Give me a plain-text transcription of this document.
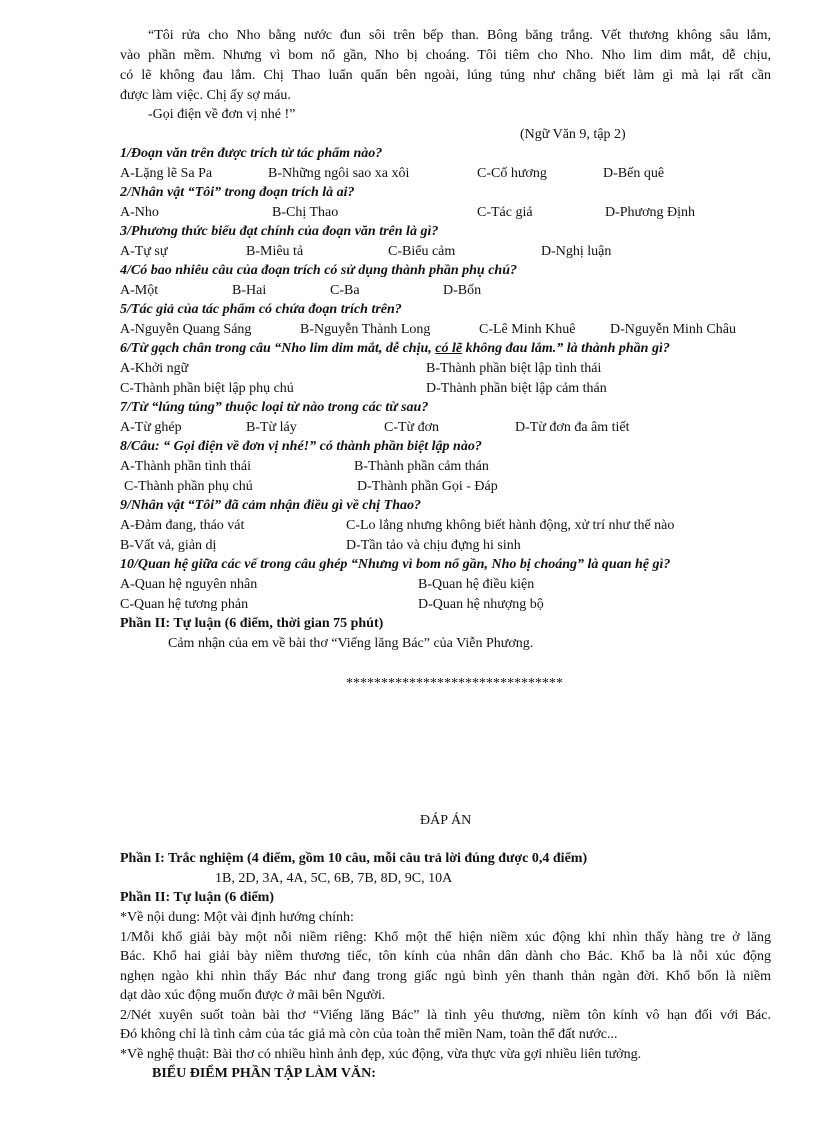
“Tôi rửa cho Nho bằng nước đun sôi trên bếp than. Bông băng trắng. Vết thương không sâu lắm,
vào phần mềm. Nhưng vì bom nổ gần, Nho bị choáng. Tôi tiêm cho Nho. Nho lim dim mắt, dễ chịu,
có lẽ không đau lắm. Chị Thao luẩn quẩn bên ngoài, lúng túng như chẳng biết làm gì mà lại rất cần
được làm việc. Chị ấy sợ máu.
-Gọi điện về đơn vị nhé !”
(Ngữ Văn 9, tập 2)
1/Đoạn văn trên được trích từ tác phẩm nào?
A-Lặng lẽ Sa Pa	B-Những ngôi sao xa xôi	C-Cố hương	D-Bến quê
2/Nhân vật “Tôi” trong đoạn trích là ai?
A-Nho	B-Chị Thao	C-Tác giả	D-Phương Định
3/Phương thức biểu đạt chính của đoạn văn trên là gì?
A-Tự sự	B-Miêu tả	C-Biểu cảm	D-Nghị luận
4/Có bao nhiêu câu của đoạn trích có sử dụng thành phần phụ chú?
A-Một	B-Hai	C-Ba	D-Bốn
5/Tác giả của tác phẩm có chứa đoạn trích trên?
A-Nguyễn Quang Sáng	B-Nguyễn Thành Long	C-Lê Minh Khuê D-Nguyễn Minh Châu
6/Từ gạch chân trong câu “Nho lim dim mắt, dễ chịu, có lẽ không đau lắm.” là thành phần gì?
A-Khởi ngữ	B-Thành phần biệt lập tình thái
C-Thành phần biệt lập phụ chú	D-Thành phần biệt lập cảm thán
7/Từ “lúng túng” thuộc loại từ nào trong các từ sau?
A-Từ ghép	B-Từ láy	C-Từ đơn	D-Từ đơn đa âm tiết
8/Câu: “ Gọi điện về đơn vị nhé!” có thành phần biệt lập nào?
A-Thành phần tình thái	B-Thành phần cảm thán
C-Thành phần phụ chú	D-Thành phần Gọi - Đáp
9/Nhân vật “Tôi” đã cảm nhận điều gì về chị Thao?
A-Đảm đang, tháo vát	C-Lo lắng nhưng không biết hành động, xử trí như thế nào
B-Vất vả, giản dị	D-Tần tảo và chịu đựng hi sinh
10/Quan hệ giữa các vế trong câu ghép “Nhưng vì bom nổ gần, Nho bị choáng” là quan hệ gì?
A-Quan hệ nguyên nhân	B-Quan hệ điều kiện
C-Quan hệ tương phản	D-Quan hệ nhượng bộ
Phần II: Tự luận (6 điểm, thời gian 75 phút)
Cảm nhận của em về bài thơ “Viếng lăng Bác” của Viễn Phương.
*******************************
ĐÁP ÁN
Phần I: Trắc nghiệm (4 điểm, gồm 10 câu, mỗi câu trả lời đúng được 0,4 điểm)
1B, 2D, 3A, 4A, 5C, 6B, 7B, 8D, 9C, 10A
Phần II: Tự luận (6 điểm)
*Về nội dung: Một vài định hướng chính:
1/Mỗi khổ giải bày một nỗi niềm riêng: Khổ một thể hiện niềm xúc động khi nhìn thấy hàng tre ở lăng
Bác. Khổ hai giải bày niềm thương tiếc, tôn kính của nhân dân dành cho Bác. Khổ ba là nỗi xúc động
nghẹn ngào khi nhìn thấy Bác như đang trong giấc ngủ bình yên thanh thản ngàn đời. Khổ bốn là niềm
dạt dào xúc động muốn được ở mãi bên Người.
2/Nét xuyên suốt toàn bài thơ “Viếng lăng Bác” là tình yêu thương, niềm tôn kính vô hạn đối với Bác.
Đó không chỉ là tình cảm của tác giả mà còn của toàn thể miền Nam, toàn thể đất nước...
*Về nghệ thuật: Bài thơ có nhiều hình ảnh đẹp, xúc động, vừa thực vừa gợi nhiều liên tưởng.
BIỂU ĐIỂM PHẦN TẬP LÀM VĂN:
